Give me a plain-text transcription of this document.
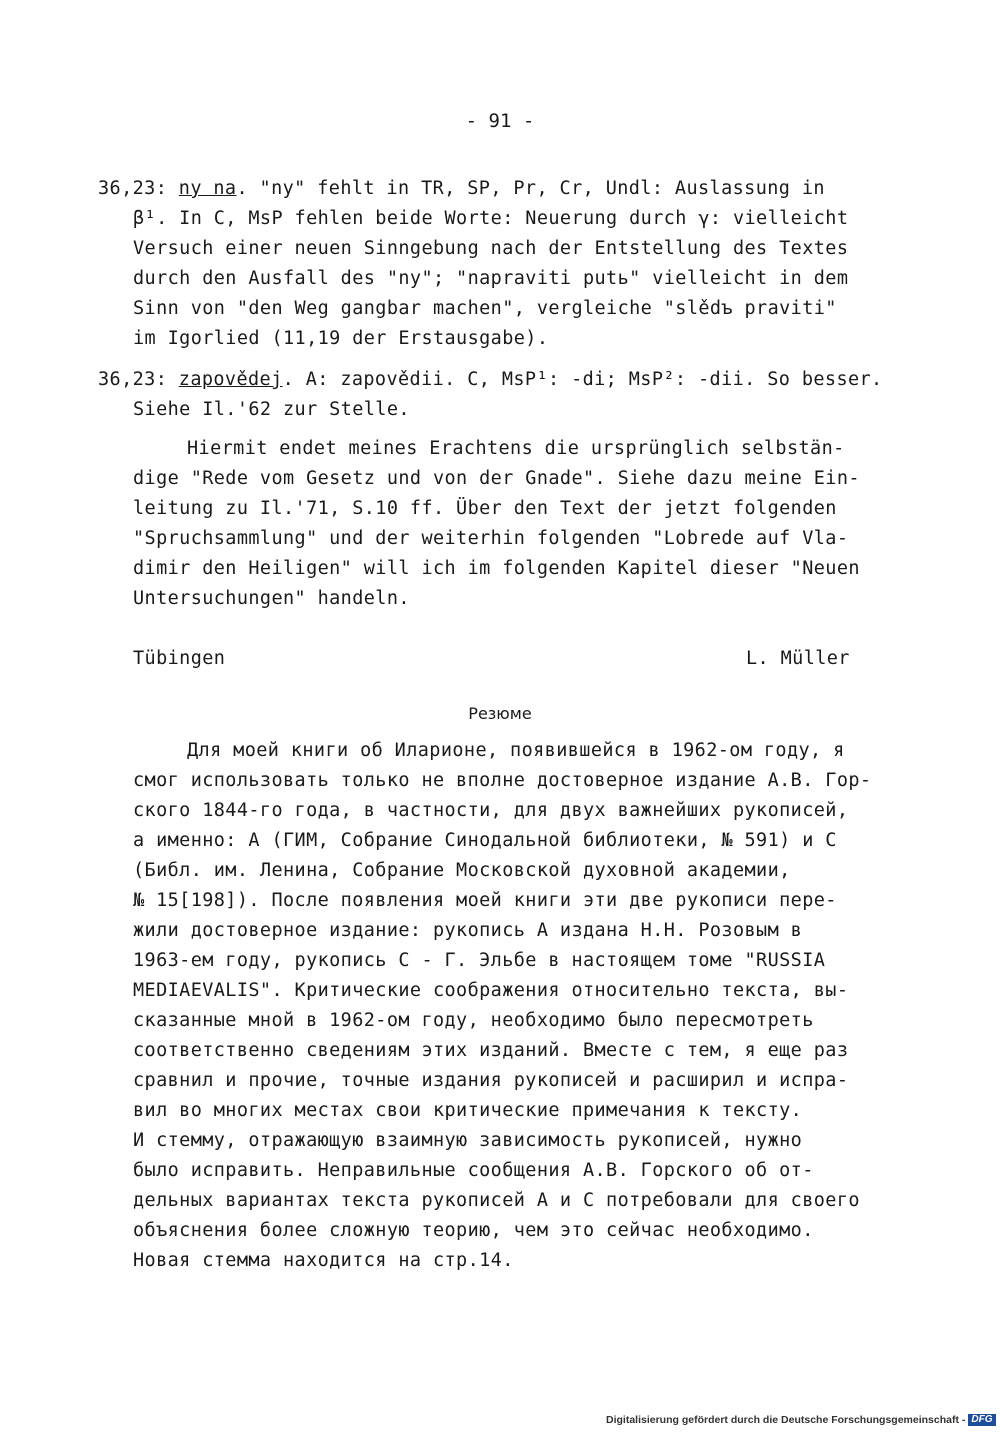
- 91 -
36,23: ny na. "ny" fehlt in TR, SP, Pr, Cr, Undl: Auslassung in
β¹. In C, MsP fehlen beide Worte: Neuerung durch γ: vielleicht
Versuch einer neuen Sinngebung nach der Entstellung des Textes
durch den Ausfall des "ny"; "napraviti putь" vielleicht in dem
Sinn von "den Weg gangbar machen", vergleiche "slědъ praviti"
im Igorlied (11,19 der Erstausgabe).
36,23: zapovědej. A: zapovědii. C, MsP¹: -di; MsP²: -dii. So besser.
Siehe Il.'62 zur Stelle.
Hiermit endet meines Erachtens die ursprünglich selbstän-
dige "Rede vom Gesetz und von der Gnade". Siehe dazu meine Ein-
leitung zu Il.'71, S.10 ff. Über den Text der jetzt folgenden
"Spruchsammlung" und der weiterhin folgenden "Lobrede auf Vla-
dimir den Heiligen" will ich im folgenden Kapitel dieser "Neuen
Untersuchungen" handeln.
Tübingen	L. Müller
Резюме
Для моей книги об Иларионе, появившейся в 1962-ом году, я
смог использовать только не вполне достоверное издание А.В. Гор-
ского 1844-го года, в частности, для двух важнейших рукописей,
а именно: А (ГИМ, Собрание Синодальной библиотеки, № 591) и С
(Библ. им. Ленина, Собрание Московской духовной академии,
№ 15[198]). После появления моей книги эти две рукописи пере-
жили достоверное издание: рукопись А издана Н.Н. Розовым в
1963-ем году, рукопись С - Г. Эльбе в настоящем томе "RUSSIA
MEDIAEVALIS". Критические соображения относительно текста, вы-
сказанные мной в 1962-ом году, необходимо было пересмотреть
соответственно сведениям этих изданий. Вместе с тем, я еще раз
сравнил и прочие, точные издания рукописей и расширил и испра-
вил во многих местах свои критические примечания к тексту.
И стемму, отражающую взаимную зависимость рукописей, нужно
было исправить. Неправильные сообщения А.В. Горского об от-
дельных вариантах текста рукописей А и С потребовали для своего
объяснения более сложную теорию, чем это сейчас необходимо.
Новая стемма находится на стр.14.
Digitalisierung gefördert durch die Deutsche Forschungsgemeinschaft - DFG
